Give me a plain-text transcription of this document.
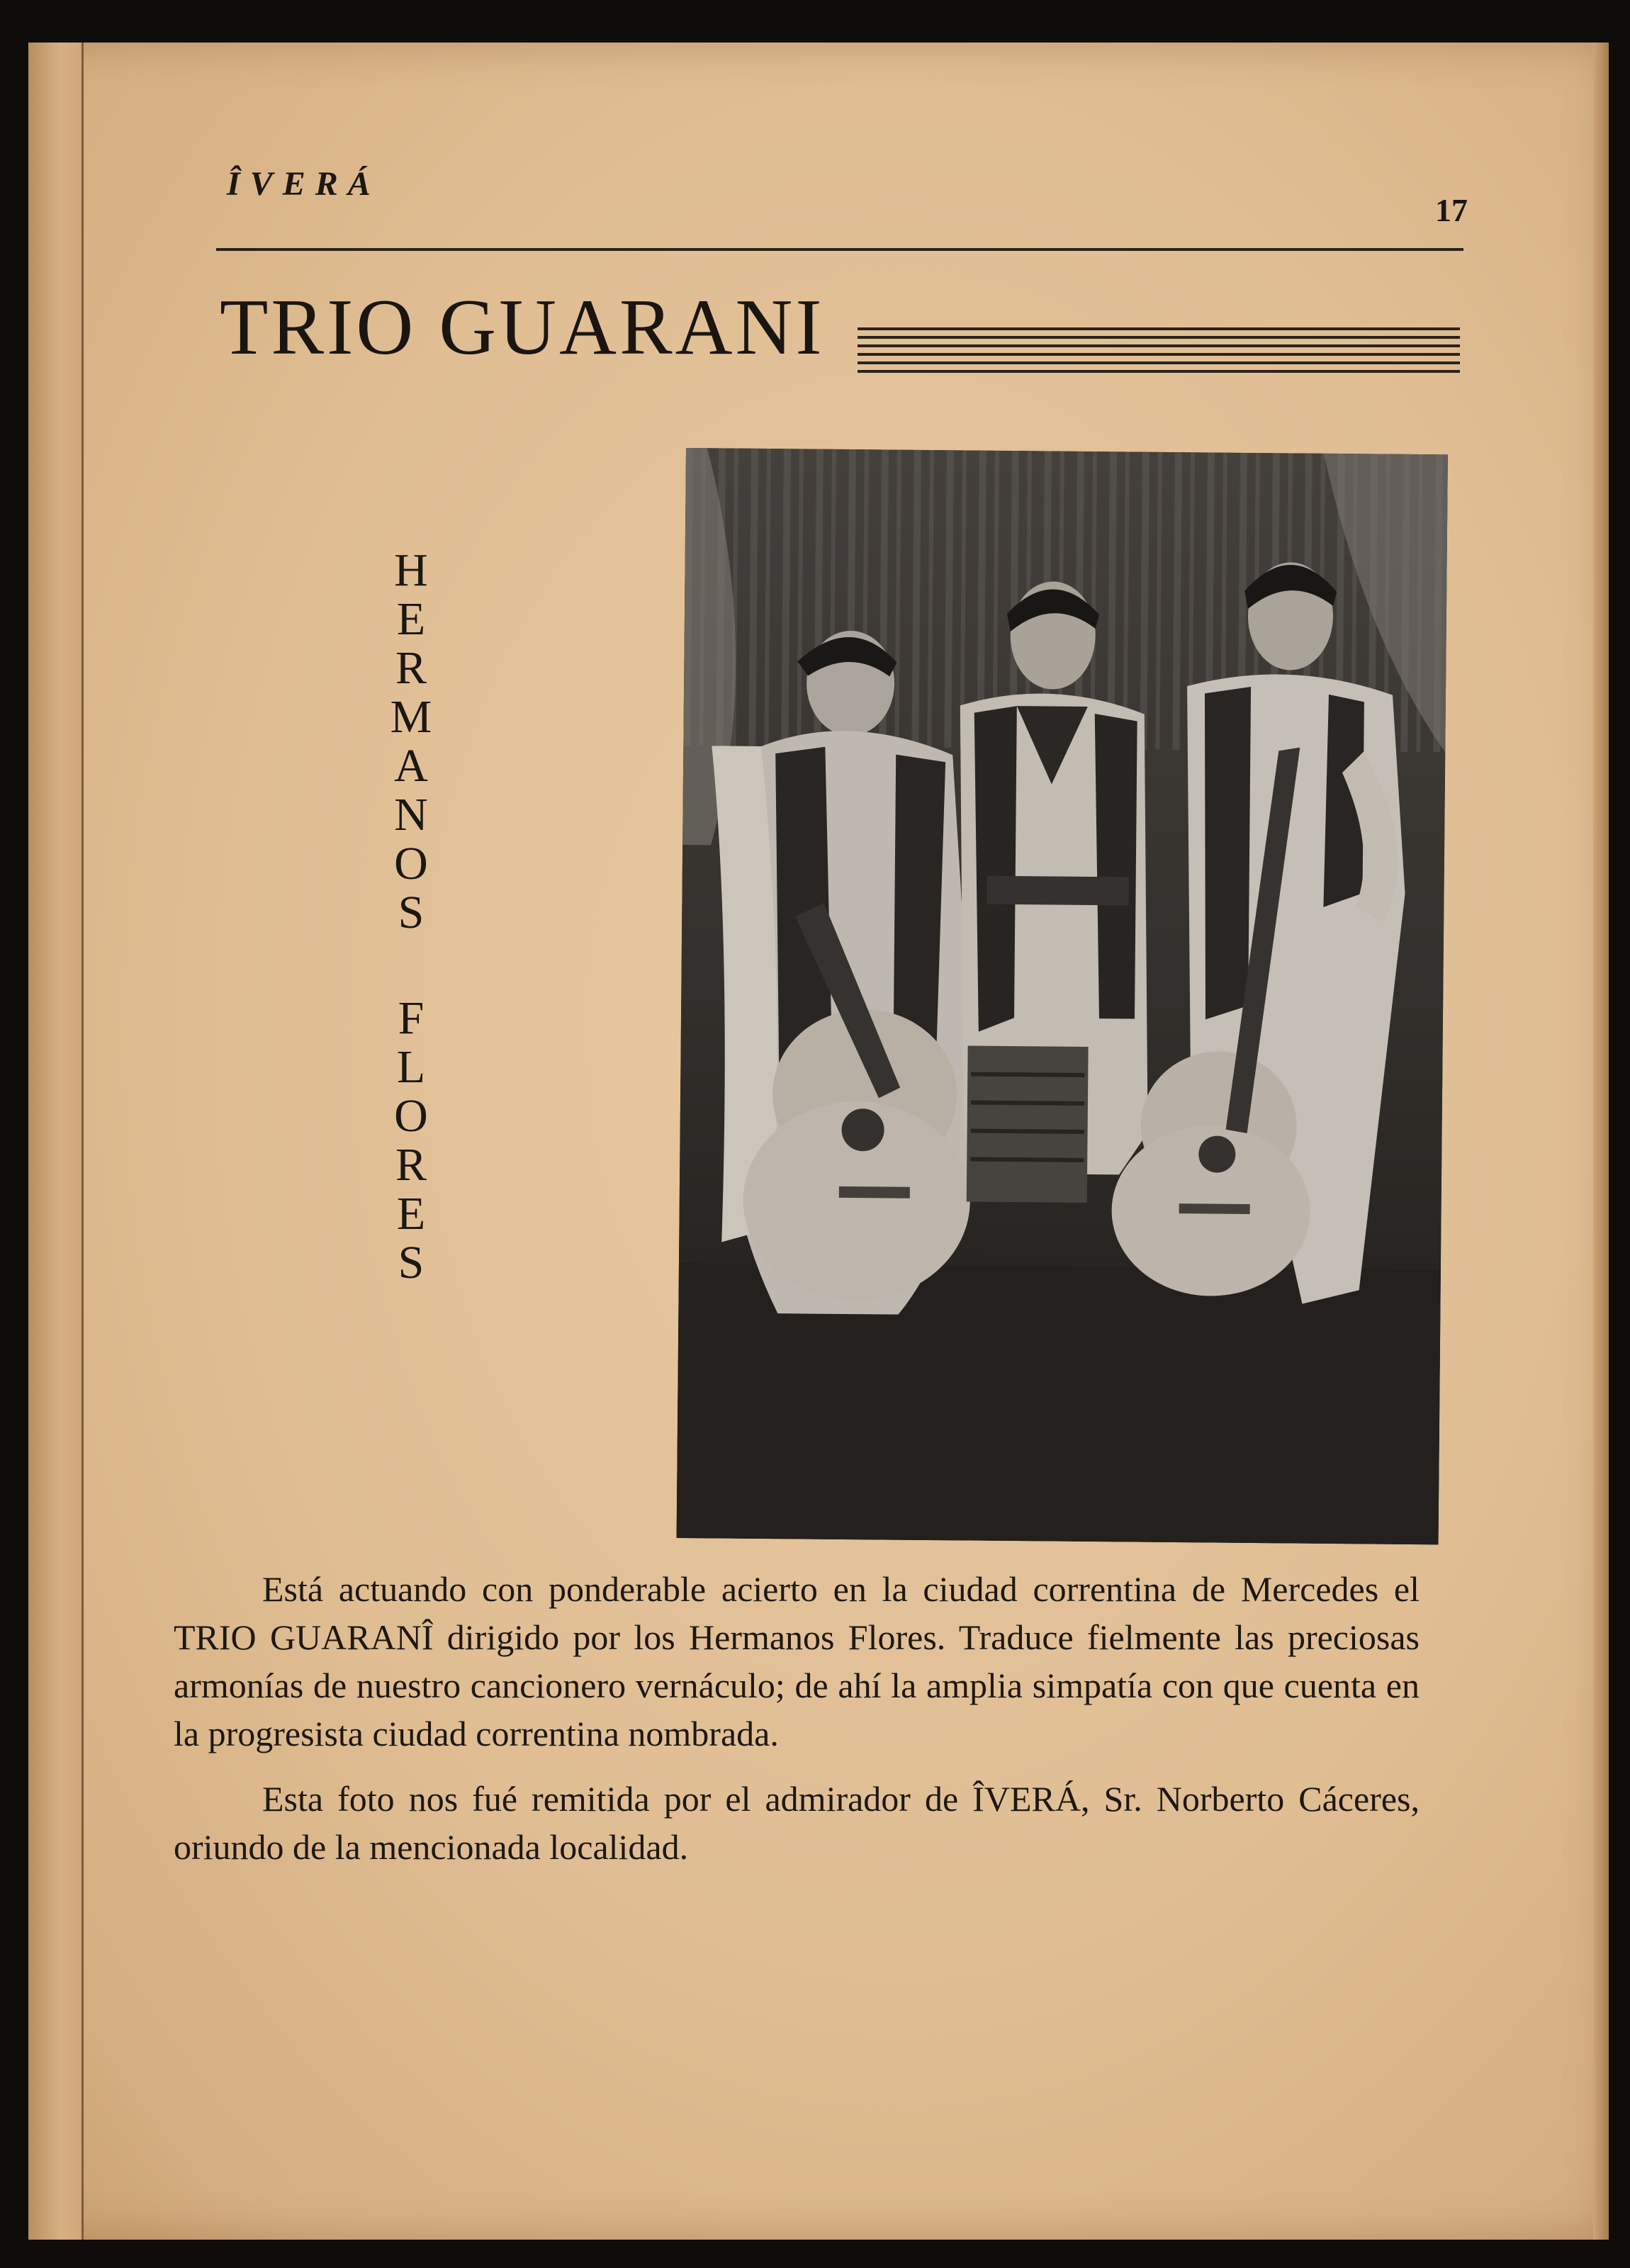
ÎVERÁ
17
TRIO GUARANI
H
E
R
M
A
N
O
S
F
L
O
R
E
S

Está actuando con ponderable acierto en la ciudad correntina de Mercedes el TRIO GUARANÎ dirigido por los Hermanos Flores. Traduce fielmente las preciosas armonías de nuestro cancionero vernáculo; de ahí la amplia simpatía con que cuenta en la progresista ciudad correntina nombrada.

Esta foto nos fué remitida por el admirador de ÎVERÁ, Sr. Norberto Cáceres, oriundo de la mencionada localidad.
